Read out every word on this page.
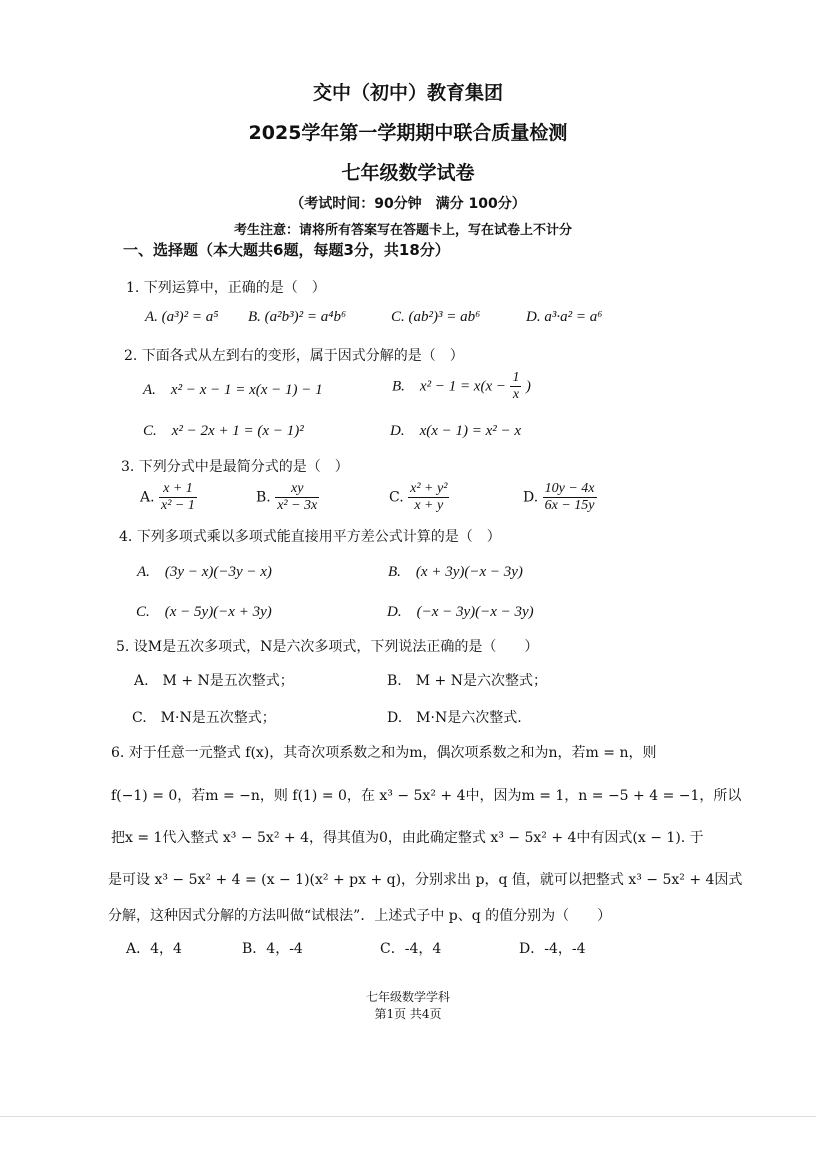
交中（初中）教育集团
2025学年第一学期期中联合质量检测
七年级数学试卷
（考试时间：90分钟　满分 100分）
考生注意：请将所有答案写在答题卡上，写在试卷上不计分
一、选择题（本大题共6题，每题3分，共18分）
1. 下列运算中，正确的是（　）
A. (a³)² = a⁵ B. (a²b³)² = a⁴b⁶	C. (ab²)³ = ab⁶	D. a³·a² = a⁶
2. 下面各式从左到右的变形，属于因式分解的是（　）
A.　x² − x − 1 = x(x − 1) − 1	B.　$x^2 - 1 = x(x - \frac{1}{x}$ )
C.　x² − 2x + 1 = (x − 1)²	D.　x(x − 1) = x² − x
3. 下列分式中是最简分式的是（　）
A. $\frac{x + 1}{\text{x² − 1}}$	B. $\frac{xy}{\text{x² − 3x}}$	C. $\frac{\text{x² + y²}}{x + y}$	D. $\frac{10y - 4x}{6x - 15y}$
4. 下列多项式乘以多项式能直接用平方差公式计算的是（　）
A.　(3y − x)(−3y − x)	B.　(x + 3y)(−x − 3y)
C.　(x − 5y)(−x + 3y)	D.　(−x − 3y)(−x − 3y)
5. 设M是五次多项式，N是六次多项式，下列说法正确的是（　　）
A.　M + N是五次整式；	B.　M + N是六次整式；
C.　M·N是五次整式；	D.　M·N是六次整式.
6. 对于任意一元整式 f(x)，其奇次项系数之和为m，偶次项系数之和为n，若m = n，则
f(−1) = 0，若m = −n，则 f(1) = 0，在 x³ − 5x² + 4中，因为m = 1，n = −5 + 4 = −1，所以
把x = 1代入整式 x³ − 5x² + 4，得其值为0，由此确定整式 x³ − 5x² + 4中有因式(x − 1). 于
是可设 x³ − 5x² + 4 = (x − 1)(x² + px + q)，分别求出 p，q 值，就可以把整式 x³ − 5x² + 4因式
分解，这种因式分解的方法叫做“试根法”．上述式子中 p、q 的值分别为（　　）
A．4，4	B．4，-4	C．-4，4	D．-4，-4
七年级数学学科
第1页 共4页
